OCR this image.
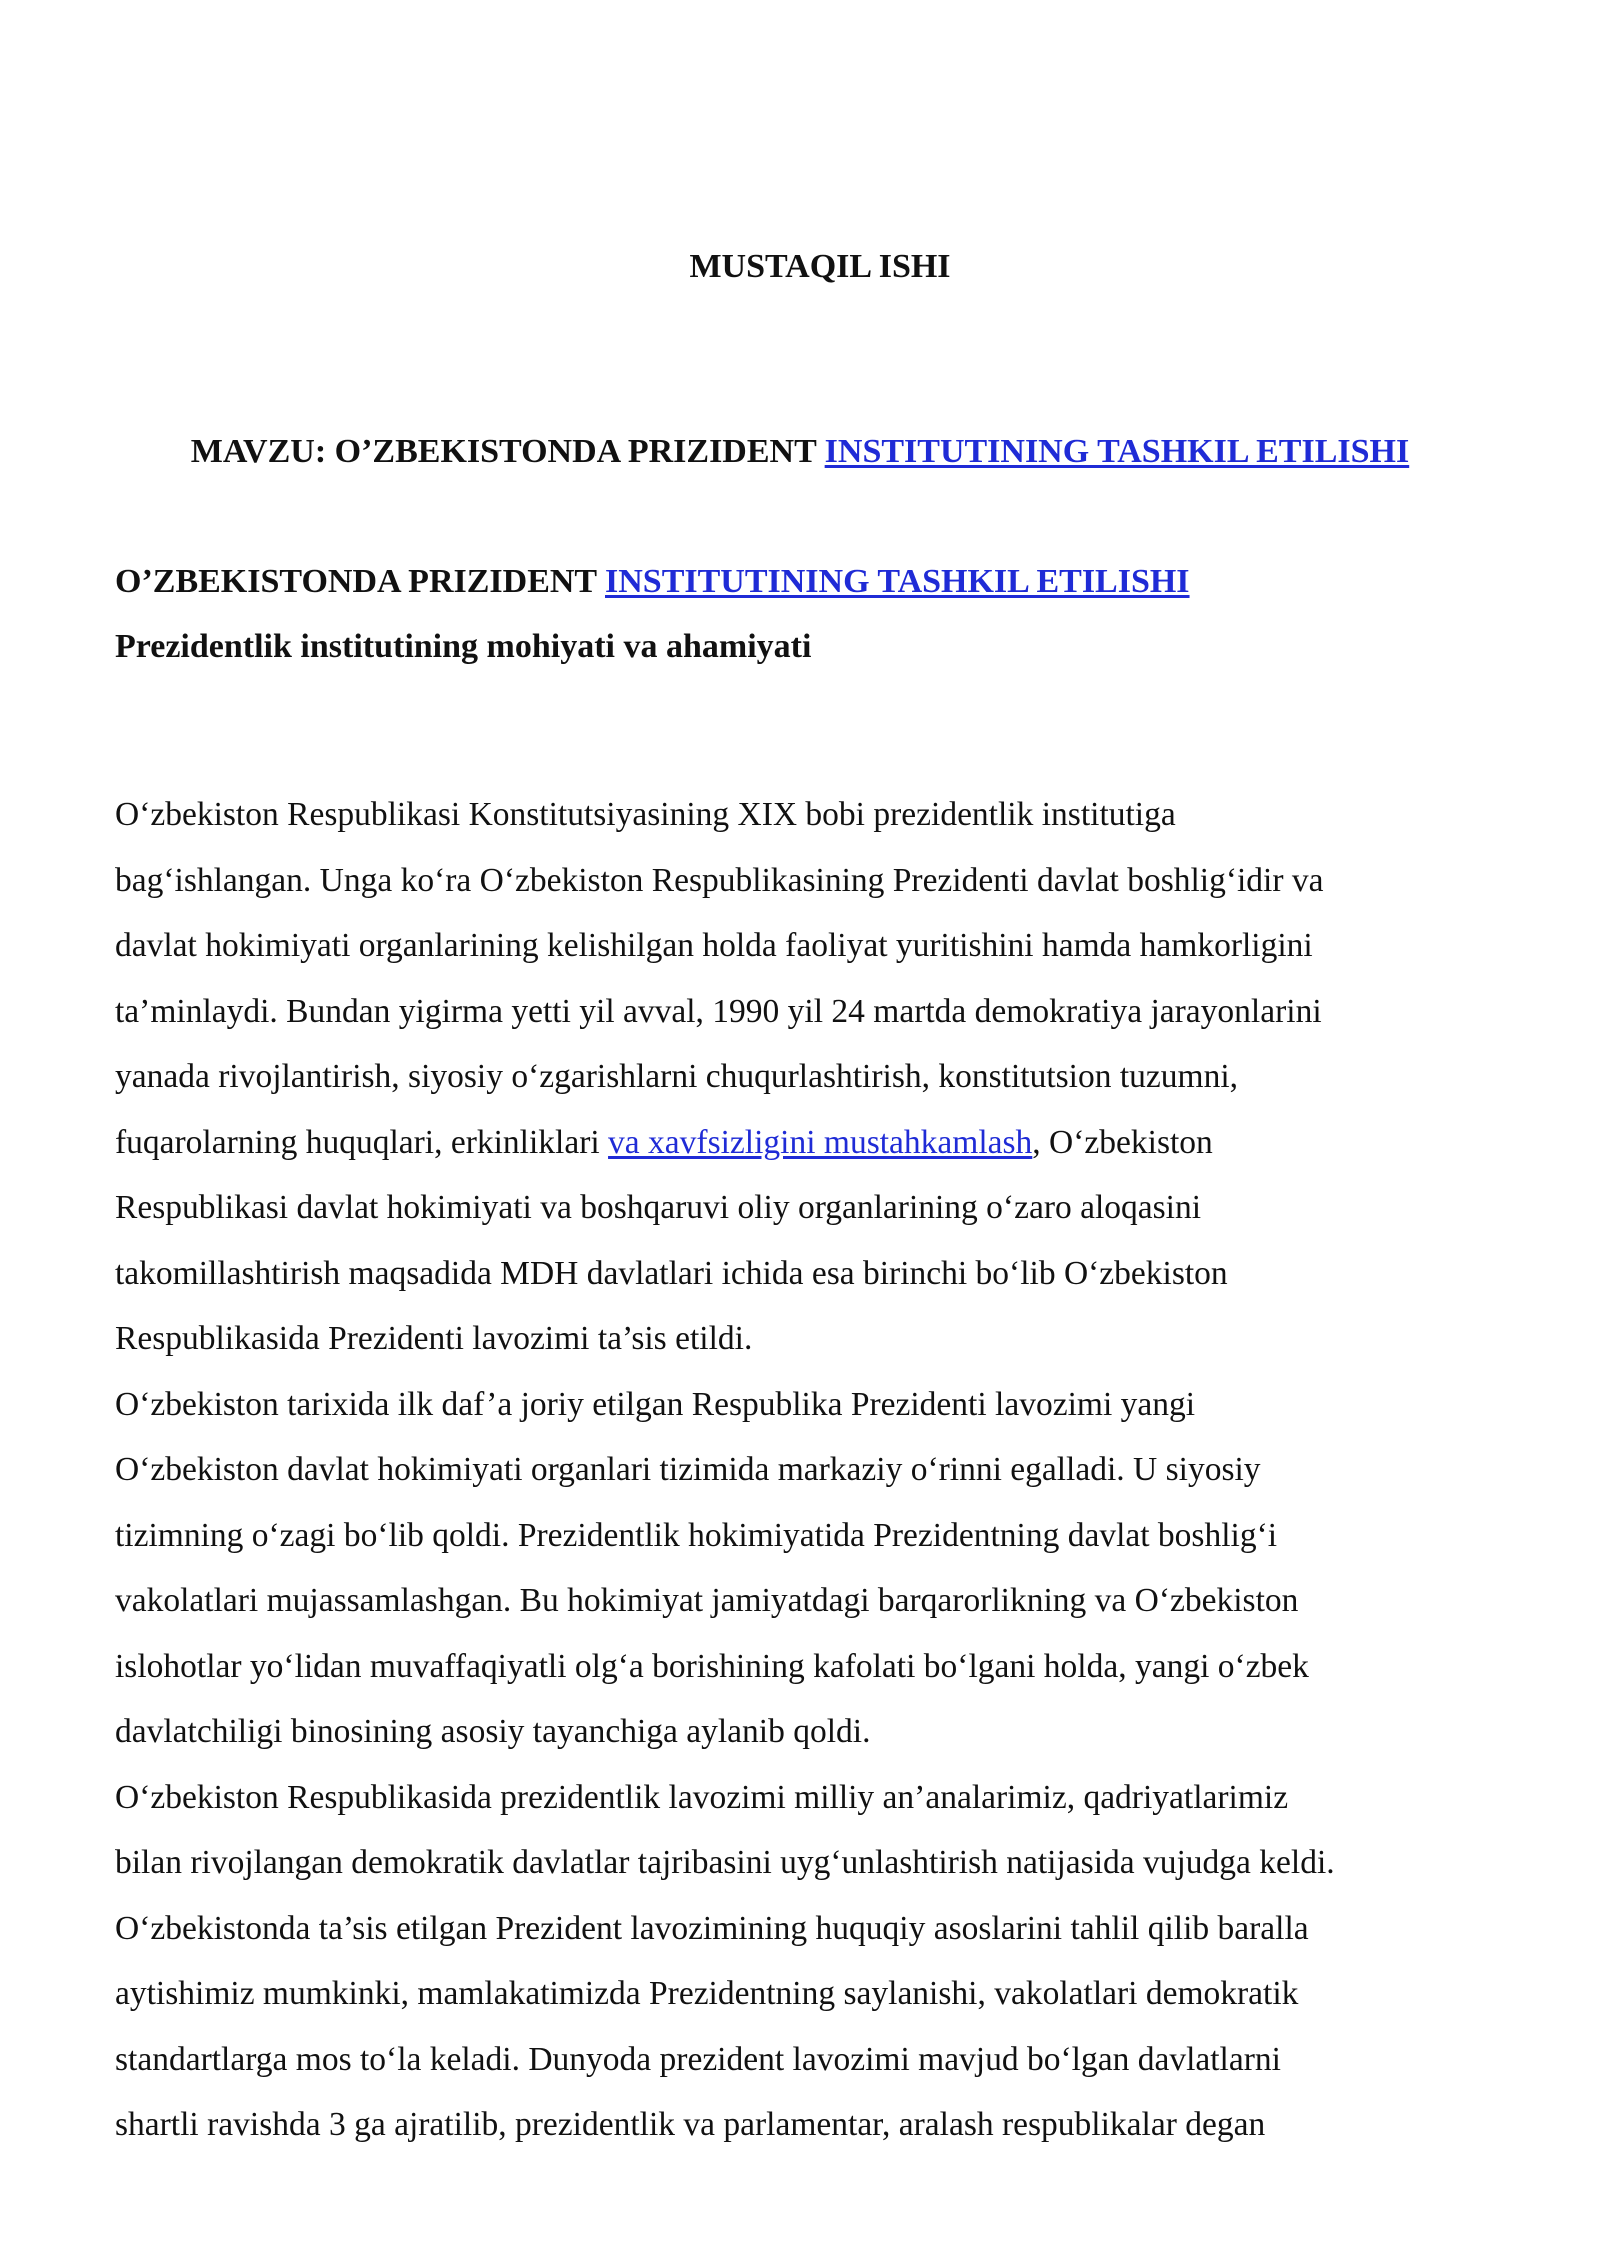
MUSTAQIL ISHI
MAVZU: O’ZBEKISTONDA PRIZIDENT INSTITUTINING TASHKIL ETILISHI
O’ZBEKISTONDA PRIZIDENT INSTITUTINING TASHKIL ETILISHI
Prezidentlik institutining mohiyati va ahamiyati

O‘zbekiston Respublikasi Konstitutsiyasining XIX bobi prezidentlik institutiga
bag‘ishlangan. Unga ko‘ra O‘zbekiston Respublikasining Prezidenti davlat boshlig‘idir va
davlat hokimiyati organlarining kelishilgan holda faoliyat yuritishini hamda hamkorligini
ta’minlaydi. Bundan yigirma yetti yil avval, 1990 yil 24 martda demokratiya jarayonlarini
yanada rivojlantirish, siyosiy o‘zgarishlarni chuqurlashtirish, konstitutsion tuzumni,
fuqarolarning huquqlari, erkinliklari va xavfsizligini mustahkamlash, O‘zbekiston
Respublikasi davlat hokimiyati va boshqaruvi oliy organlarining o‘zaro aloqasini
takomillashtirish maqsadida MDH davlatlari ichida esa birinchi bo‘lib O‘zbekiston
Respublikasida Prezidenti lavozimi ta’sis etildi.

O‘zbekiston tarixida ilk daf’a joriy etilgan Respublika Prezidenti lavozimi yangi
O‘zbekiston davlat hokimiyati organlari tizimida markaziy o‘rinni egalladi. U siyosiy
tizimning o‘zagi bo‘lib qoldi. Prezidentlik hokimiyatida Prezidentning davlat boshlig‘i
vakolatlari mujassamlashgan. Bu hokimiyat jamiyatdagi barqarorlikning va O‘zbekiston
islohotlar yo‘lidan muvaffaqiyatli olg‘a borishining kafolati bo‘lgani holda, yangi o‘zbek
davlatchiligi binosining asosiy tayanchiga aylanib qoldi.

O‘zbekiston Respublikasida prezidentlik lavozimi milliy an’analarimiz, qadriyatlarimiz
bilan rivojlangan demokratik davlatlar tajribasini uyg‘unlashtirish natijasida vujudga keldi.
O‘zbekistonda ta’sis etilgan Prezident lavozimining huquqiy asoslarini tahlil qilib baralla
aytishimiz mumkinki, mamlakatimizda Prezidentning saylanishi, vakolatlari demokratik
standartlarga mos to‘la keladi. Dunyoda prezident lavozimi mavjud bo‘lgan davlatlarni
shartli ravishda 3 ga ajratilib, prezidentlik va parlamentar, aralash respublikalar degan
